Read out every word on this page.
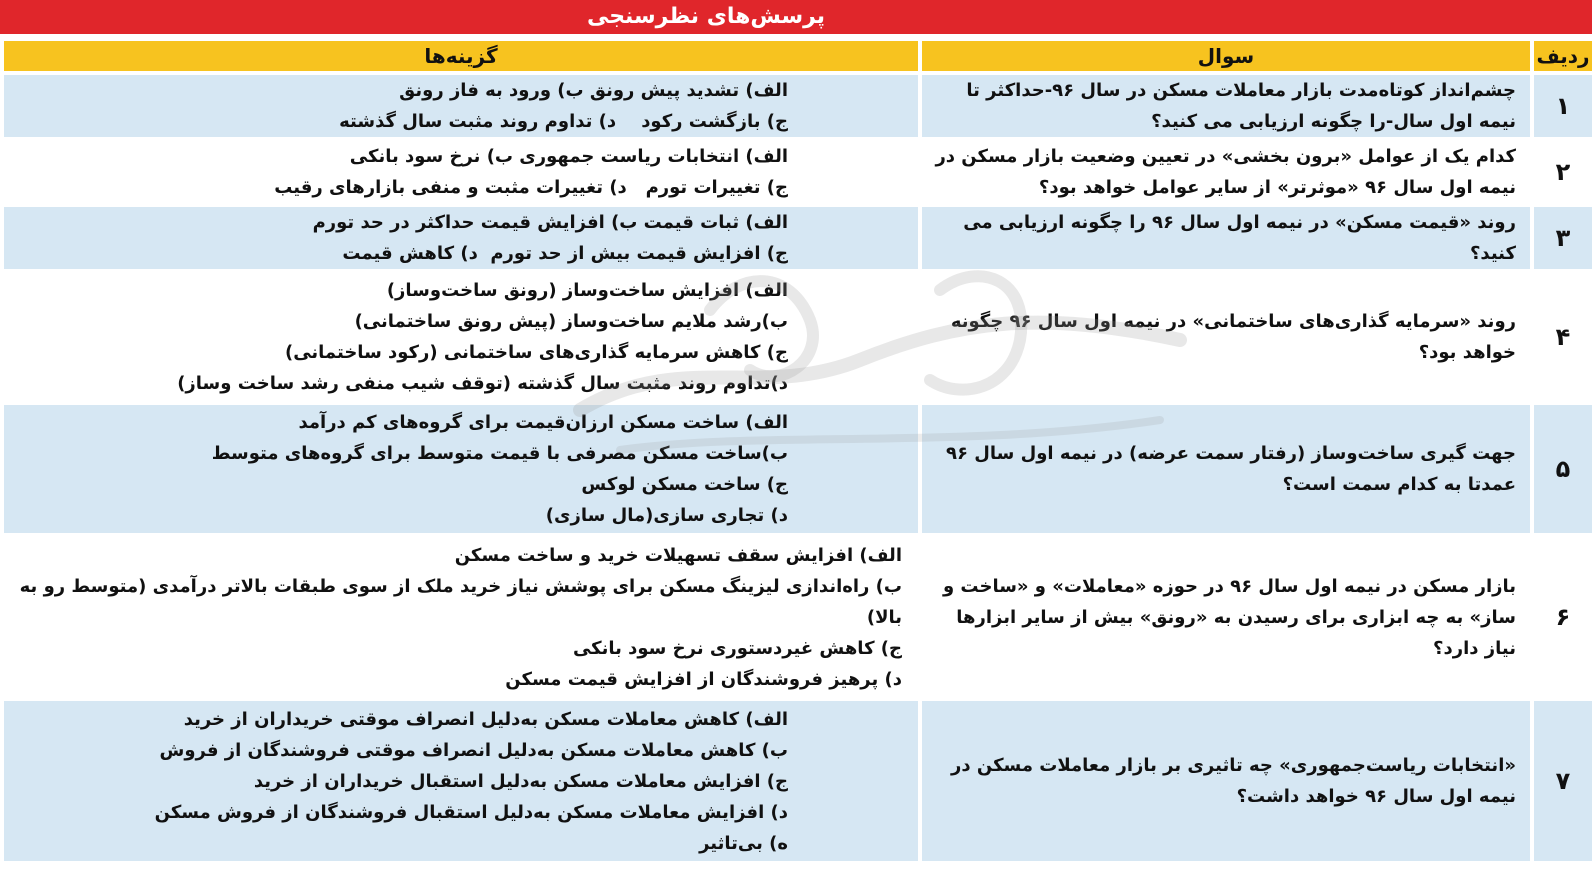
پرسش‌های نظرسنجی
ردیف	سوال	گزینه‌ها
۱	چشم‌انداز کوتاه‌مدت بازار معاملات مسکن در سال ۹۶-حداکثر تا نیمه اول سال-را چگونه ارزیابی می کنید؟	الف) تشدید پیش رونق ب) ورود به فاز رونق
ج) بازگشت رکود    د) تداوم روند مثبت سال گذشته

۲	کدام یک از عوامل «برون بخشی» در تعیین وضعیت بازار مسکن در نیمه اول سال ۹۶ «موثرتر» از سایر عوامل خواهد بود؟	الف) انتخابات ریاست جمهوری ب) نرخ سود بانکی
ج) تغییرات تورم   د) تغییرات مثبت و منفی بازارهای رقیب

۳	روند «قیمت مسکن» در نیمه اول سال ۹۶ را چگونه ارزیابی می کنید؟	الف) ثبات قیمت ب) افزایش قیمت حداکثر در حد تورم
ج) افزایش قیمت بیش از حد تورم  د) کاهش قیمت

۴	روند «سرمایه گذاری‌های ساختمانی» در نیمه اول سال ۹۶ چگونه خواهد بود؟	الف) افزایش ساخت‌وساز (رونق ساخت‌وساز)
ب)رشد ملایم ساخت‌وساز (پیش رونق ساختمانی)
ج) کاهش سرمایه گذاری‌های ساختمانی (رکود ساختمانی)
د)تداوم روند مثبت سال گذشته (توقف شیب منفی رشد ساخت وساز)

۵	جهت گیری ساخت‌وساز (رفتار سمت عرضه) در نیمه اول سال ۹۶ عمدتا به کدام سمت است؟	الف) ساخت مسکن ارزان‌قیمت برای گروه‌های کم درآمد
ب)ساخت مسکن مصرفی با قیمت متوسط برای گروه‌های متوسط
ج) ساخت مسکن لوکس
د) تجاری سازی(مال سازی)

۶	بازار مسکن در نیمه اول سال ۹۶ در حوزه «معاملات» و «ساخت و ساز» به چه ابزاری برای رسیدن به «رونق» بیش از سایر ابزارها نیاز دارد؟	الف) افزایش سقف تسهیلات خرید و ساخت مسکن
ب) راه‌اندازی لیزینگ مسکن برای پوشش نیاز خرید ملک از سوی طبقات بالاتر درآمدی (متوسط رو به بالا)
ج) کاهش غیردستوری نرخ سود بانکی
د) پرهیز فروشندگان از افزایش قیمت مسکن

۷	«انتخابات ریاست‌جمهوری» چه تاثیری بر بازار معاملات مسکن در نیمه اول سال ۹۶ خواهد داشت؟	الف) کاهش معاملات مسکن به‌دلیل انصراف موقتی خریداران از خرید
ب) کاهش معاملات مسکن به‌دلیل انصراف موقتی فروشندگان از فروش
ج) افزایش معاملات مسکن به‌دلیل استقبال خریداران از خرید
د) افزایش معاملات مسکن به‌دلیل استقبال فروشندگان از فروش مسکن
ه) بی‌تاثیر
